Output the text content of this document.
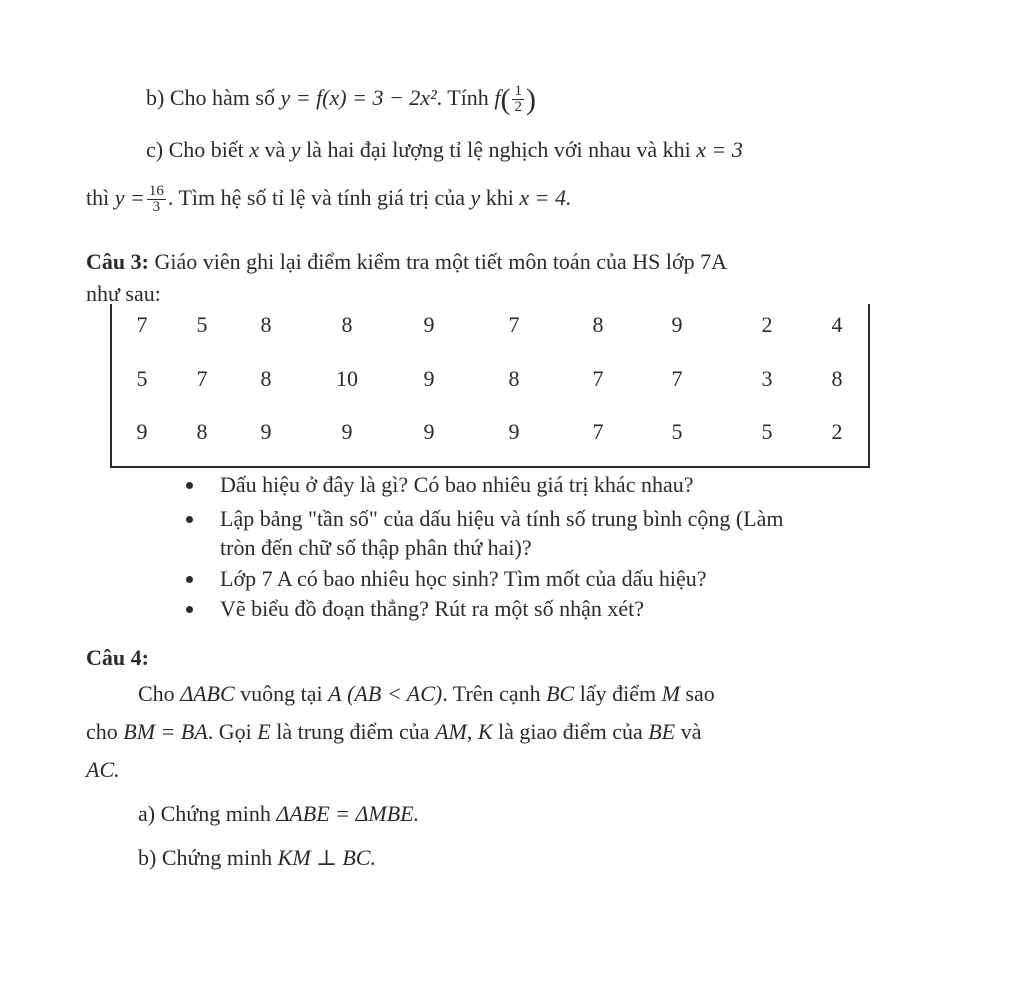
b) Cho hàm số y = f(x) = 3 − 2x². Tính $f( \frac{1}{2}$ )
c) Cho biết x và y là hai đại lượng tỉ lệ nghịch với nhau và khi x = 3
thì $y = \frac{16}{3}$ . Tìm hệ số tỉ lệ và tính giá trị của y khi x = 4.
Câu 3: Giáo viên ghi lại điểm kiểm tra một tiết môn toán của HS lớp 7A
như sau:
7	5	8	8	9	7	8	9	2	4
5	7	8	10	9	8	7	7	3	8
9	8	9	9	9	9	7	5	5	2
Dấu hiệu ở đây là gì? Có bao nhiêu giá trị khác nhau?
Lập bảng "tần số" của dấu hiệu và tính số trung bình cộng (Làm
tròn đến chữ số thập phân thứ hai)?
Lớp 7 A có bao nhiêu học sinh? Tìm mốt của dấu hiệu?
Vẽ biểu đồ đoạn thẳng? Rút ra một số nhận xét?
Câu 4:
Cho ΔABC vuông tại A (AB < AC). Trên cạnh BC lấy điểm M sao
cho BM = BA. Gọi E là trung điểm của AM, K là giao điểm của BE và
AC.
a) Chứng minh ΔABE = ΔMBE.
b) Chứng minh KM ⊥ BC.
